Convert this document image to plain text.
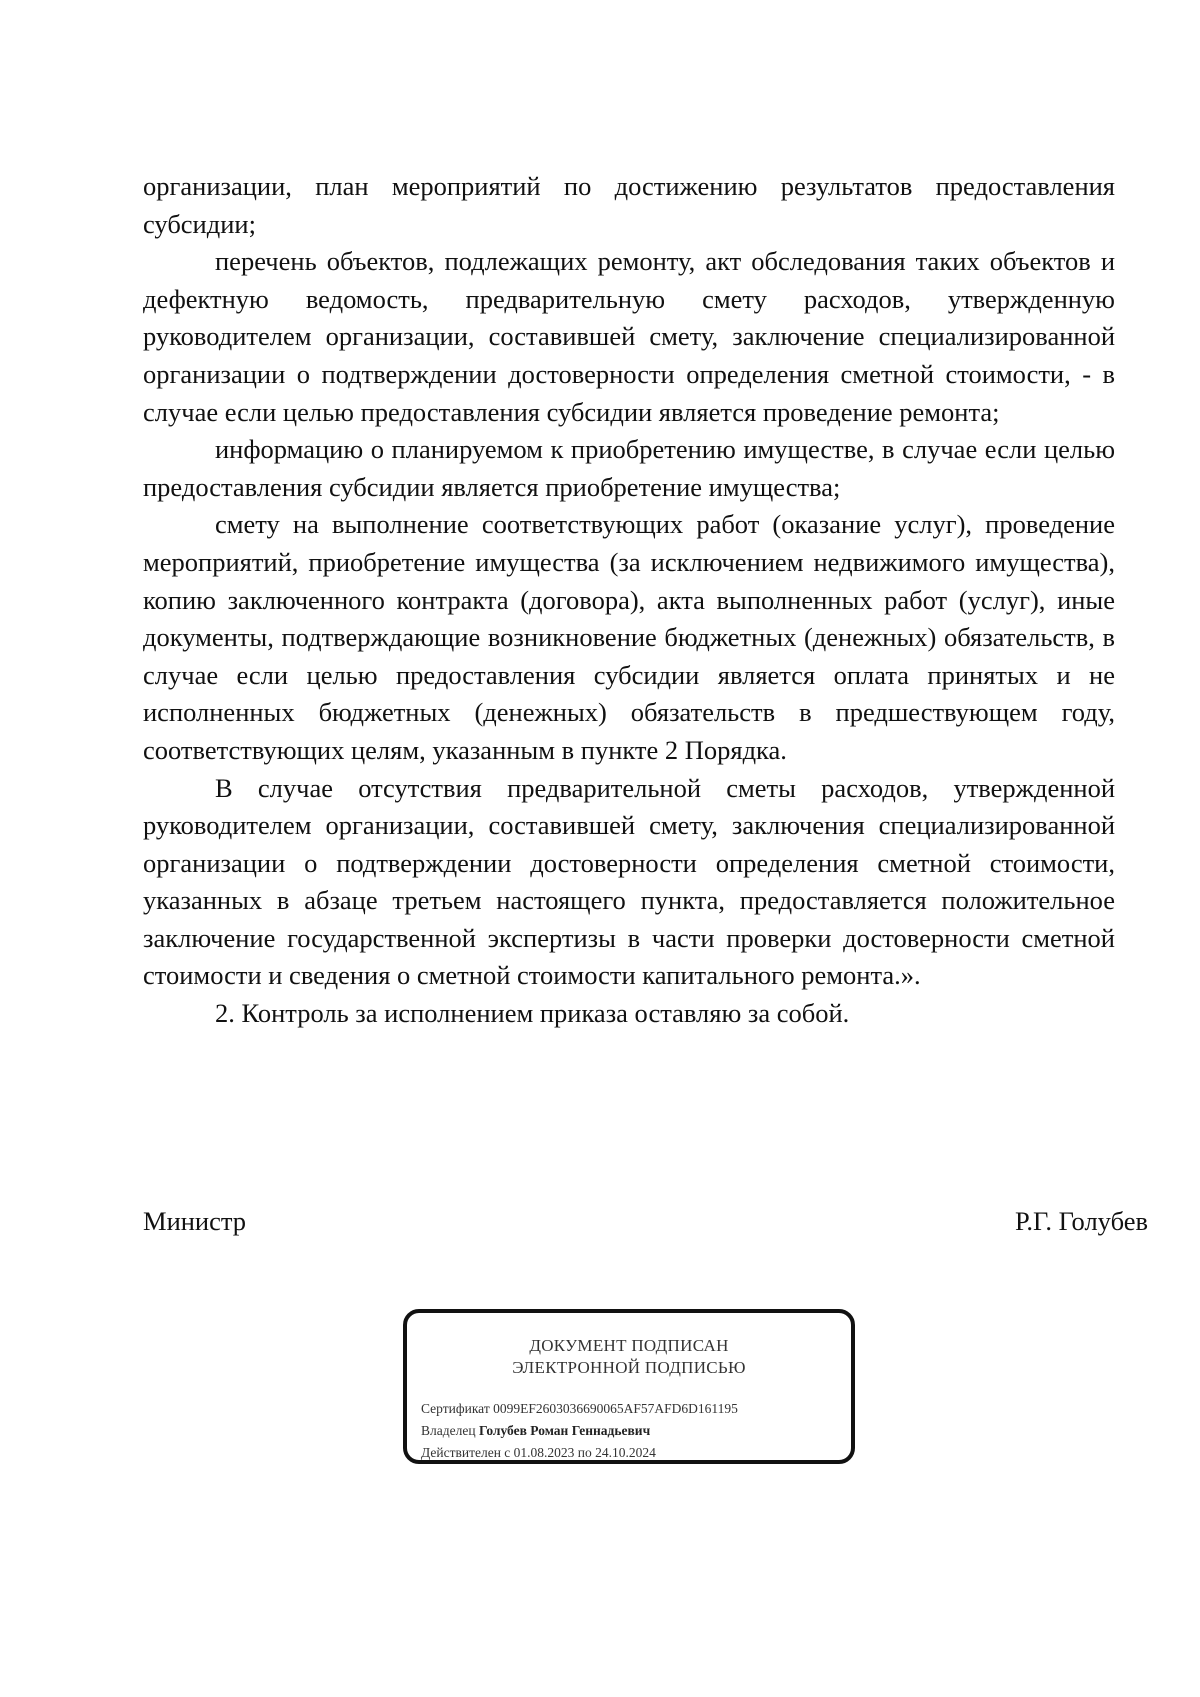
организации, план мероприятий по достижению результатов предоставления субсидии;

перечень объектов, подлежащих ремонту, акт обследования таких объектов и дефектную ведомость, предварительную смету расходов, утвержденную руководителем организации, составившей смету, заключение специализированной организации о подтверждении достоверности определения сметной стоимости, - в случае если целью предоставления субсидии является проведение ремонта;

информацию о планируемом к приобретению имуществе, в случае если целью предоставления субсидии является приобретение имущества;

смету на выполнение соответствующих работ (оказание услуг), проведение мероприятий, приобретение имущества (за исключением недвижимого имущества), копию заключенного контракта (договора), акта выполненных работ (услуг), иные документы, подтверждающие возникновение бюджетных (денежных) обязательств, в случае если целью предоставления субсидии является оплата принятых и не исполненных бюджетных (денежных) обязательств в предшествующем году, соответствующих целям, указанным в пункте 2 Порядка.

В случае отсутствия предварительной сметы расходов, утвержденной руководителем организации, составившей смету, заключения специализированной организации о подтверждении достоверности определения сметной стоимости, указанных в абзаце третьем настоящего пункта, предоставляется положительное заключение государственной экспертизы в части проверки достоверности сметной стоимости и сведения о сметной стоимости капитального ремонта.».

2. Контроль за исполнением приказа оставляю за собой.

Министр	Р.Г. Голубев
ДОКУМЕНТ ПОДПИСАН
ЭЛЕКТРОННОЙ ПОДПИСЬЮ
Сертификат 0099EF2603036690065AF57AFD6D161195
Владелец Голубев Роман Геннадьевич
Действителен с 01.08.2023 по 24.10.2024
